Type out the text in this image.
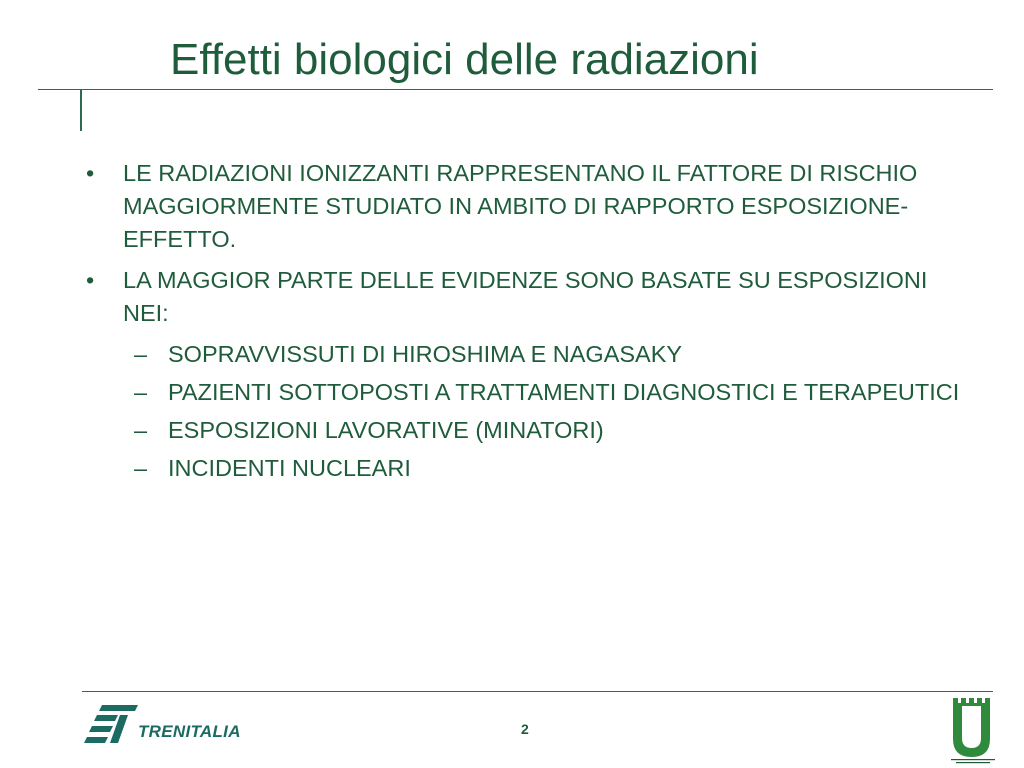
Effetti biologici delle radiazioni
•	LE RADIAZIONI IONIZZANTI RAPPRESENTANO IL FATTORE DI RISCHIO MAGGIORMENTE STUDIATO IN AMBITO DI RAPPORTO ESPOSIZIONE-EFFETTO.
•	LA MAGGIOR PARTE DELLE EVIDENZE SONO BASATE SU ESPOSIZIONI NEI:
– SOPRAVVISSUTI DI HIROSHIMA E NAGASAKY
– PAZIENTI SOTTOPOSTI A TRATTAMENTI DIAGNOSTICI E TERAPEUTICI
– ESPOSIZIONI LAVORATIVE (MINATORI)
– INCIDENTI NUCLEARI
TRENITALIA	2
